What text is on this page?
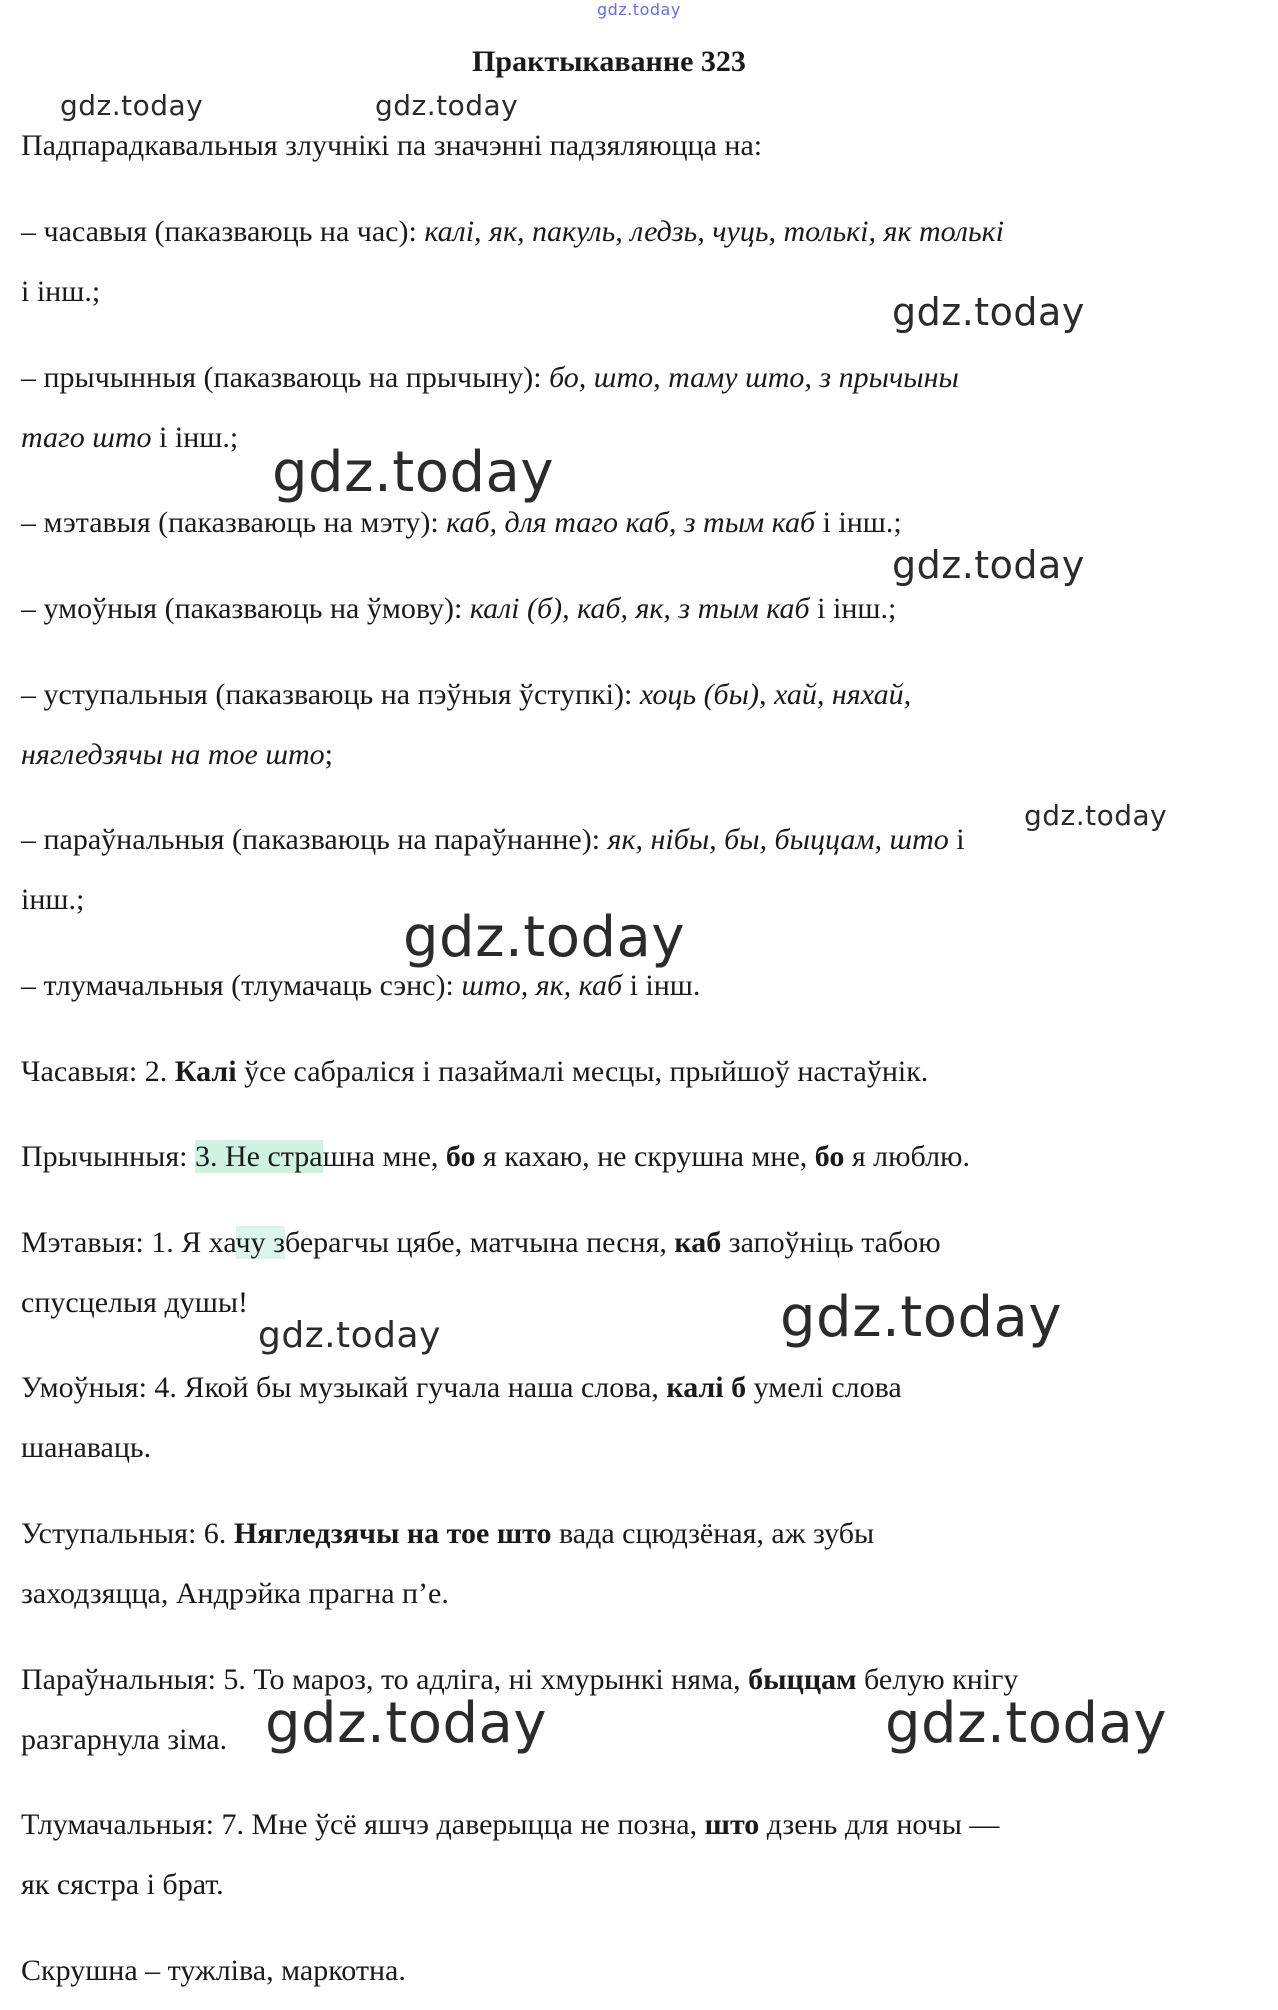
gdz.today
gdz.today	gdz.today
gdz.today
gdz.today
gdz.today
gdz.today
gdz.today
gdz.today
gdz.today
gdz.today	gdz.today
Практыкаванне 323
Падпарадкавальныя злучнікі па значэнні падзяляюцца на:
– часавыя (паказваюць на час): калі, як, пакуль, ледзь, чуць, толькі, як толькі
і інш.;
– прычынныя (паказваюць на прычыну): бо, што, таму што, з прычыны
таго што і інш.;
– мэтавыя (паказваюць на мэту): каб, для таго каб, з тым каб і інш.;
– умоўныя (паказваюць на ўмову): калі (б), каб, як, з тым каб і інш.;
– уступальныя (паказваюць на пэўныя ўступкі): хоць (бы), хай, няхай,
нягледзячы на тое што;
– параўнальныя (паказваюць на параўнанне): як, нібы, бы, быццам, што і
інш.;
– тлумачальныя (тлумачаць сэнс): што, як, каб і інш.
Часавыя: 2. Калі ўсе сабраліся і пазаймалі месцы, прыйшоў настаўнік.
Прычынныя: 3. Не страшна мне, бо я кахаю, не скрушна мне, бо я люблю.
Мэтавыя: 1. Я хачу зберагчы цябе, матчына песня, каб запоўніць табою
спусцелыя душы!
Умоўныя: 4. Якой бы музыкай гучала наша слова, калі б умелі слова
шанаваць.
Уступальныя: 6. Нягледзячы на тое што вада сцюдзёная, аж зубы
заходзяцца, Андрэйка прагна п’е.
Параўнальныя: 5. То мароз, то адліга, ні хмурынкі няма, быццам белую кнігу
разгарнула зіма.
Тлумачальныя: 7. Мне ўсё яшчэ даверыцца не позна, што дзень для ночы —
як сястра і брат.
Скрушна – тужліва, маркотна.
